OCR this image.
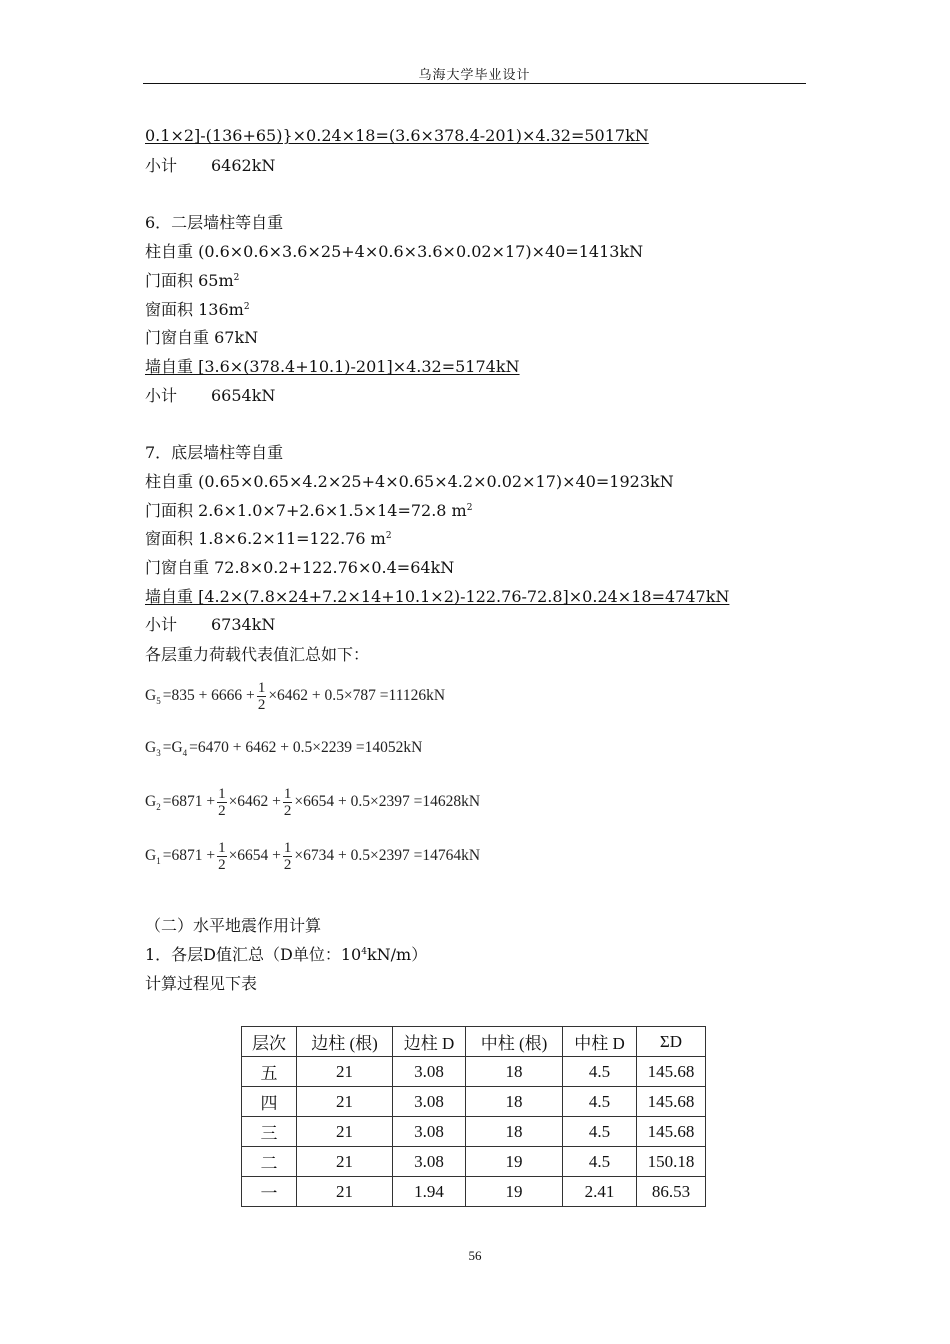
乌海大学毕业设计
0.1×2]-(136+65)}×0.24×18=(3.6×378.4-201)×4.32=5017kN
小计 6462kN
6．二层墙柱等自重
柱自重 (0.6×0.6×3.6×25+4×0.6×3.6×0.02×17)×40=1413kN
门面积 $65m^2$
窗面积 $136m^2$
门窗自重 67kN
墙自重 [3.6×(378.4+10.1)-201]×4.32=5174kN
小计 6654kN
7．底层墙柱等自重
柱自重 (0.65×0.65×4.2×25+4×0.65×4.2×0.02×17)×40=1923kN
门面积 2.6×1.0×7+2.6×1.5×14=72.8 $m^2$
窗面积 1.8×6.2×11=122.76 $m^2$
门窗自重 72.8×0.2+122.76×0.4=64kN
墙自重 [4.2×(7.8×24+7.2×14+10.1×2)-122.76-72.8]×0.24×18=4747kN
小计 6734kN
各层重力荷载代表值汇总如下：
G $5 =835 + 6666 + \frac{1}{2} \times 6462 + 0.5\times 787 =11126kN$
G 3 =G 4 =6470 + 6462 + 0.5×2239 =14052kN
G $2 =6871 + \frac{1}{2} \times 6462 + \frac{1}{2} \times 6654 + 0.5\times 2397 =14628kN$
G $1 =6871 + \frac{1}{2} \times 6654 + \frac{1}{2} \times 6734 + 0.5\times 2397 =14764kN$
（二）水平地震作用计算
1．各层D值汇总（D单位：$10^4kN/m$）
计算过程见下表
层次	边柱 (根)	边柱 D	中柱 (根)	中柱 D	ΣD
五	21	3.08	18	4.5	145.68
四	21	3.08	18	4.5	145.68
三	21	3.08	18	4.5	145.68
二	21	3.08	19	4.5	150.18
一	21	1.94	19	2.41	86.53
56
